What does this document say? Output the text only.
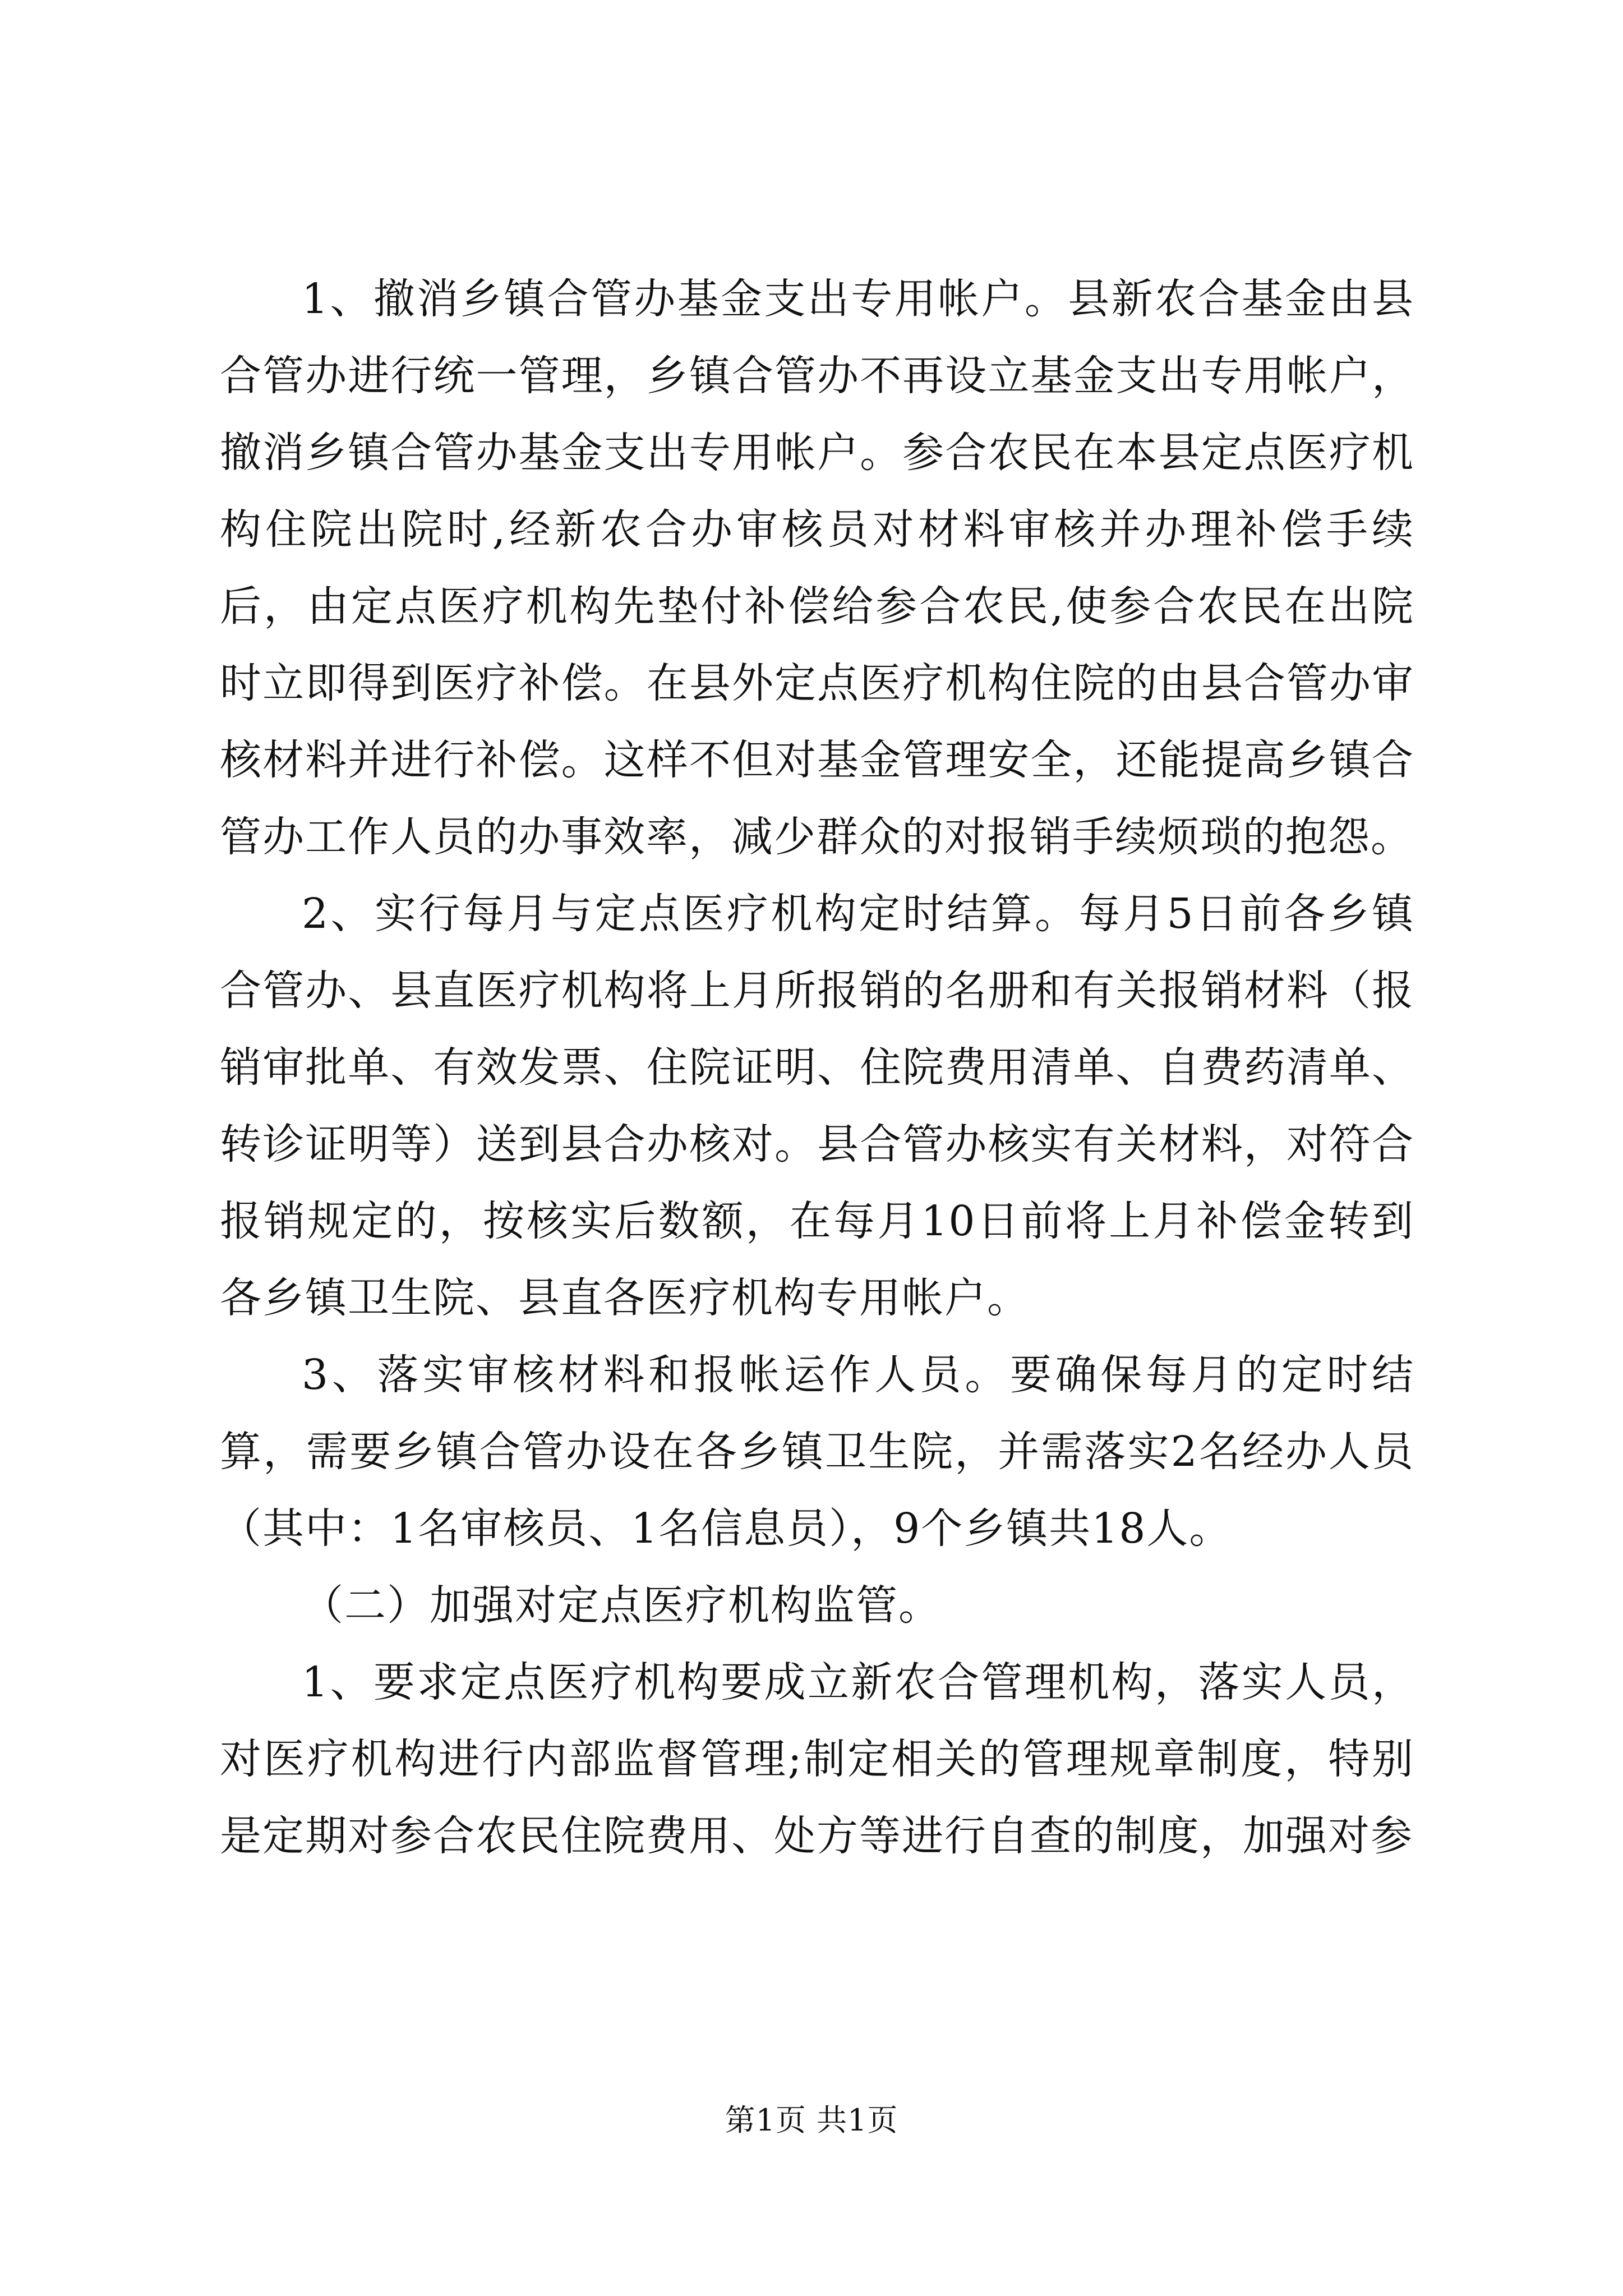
1、撤消乡镇合管办基金支出专用帐户。县新农合基金由县合管办进行统一管理，乡镇合管办不再设立基金支出专用帐户，撤消乡镇合管办基金支出专用帐户。参合农民在本县定点医疗机构住院出院时,经新农合办审核员对材料审核并办理补偿手续后，由定点医疗机构先垫付补偿给参合农民,使参合农民在出院时立即得到医疗补偿。在县外定点医疗机构住院的由县合管办审核材料并进行补偿。这样不但对基金管理安全，还能提高乡镇合管办工作人员的办事效率，减少群众的对报销手续烦琐的抱怨。

2、实行每月与定点医疗机构定时结算。每月5日前各乡镇合管办、县直医疗机构将上月所报销的名册和有关报销材料（报销审批单、有效发票、住院证明、住院费用清单、自费药清单、转诊证明等）送到县合办核对。县合管办核实有关材料，对符合报销规定的，按核实后数额，在每月10日前将上月补偿金转到各乡镇卫生院、县直各医疗机构专用帐户。

3、落实审核材料和报帐运作人员。要确保每月的定时结算，需要乡镇合管办设在各乡镇卫生院，并需落实2名经办人员（其中：1名审核员、1名信息员），9个乡镇共18人。

（二）加强对定点医疗机构监管。

1、要求定点医疗机构要成立新农合管理机构，落实人员，对医疗机构进行内部监督管理;制定相关的管理规章制度，特别是定期对参合农民住院费用、处方等进行自查的制度，加强对参

第1页 共1页
